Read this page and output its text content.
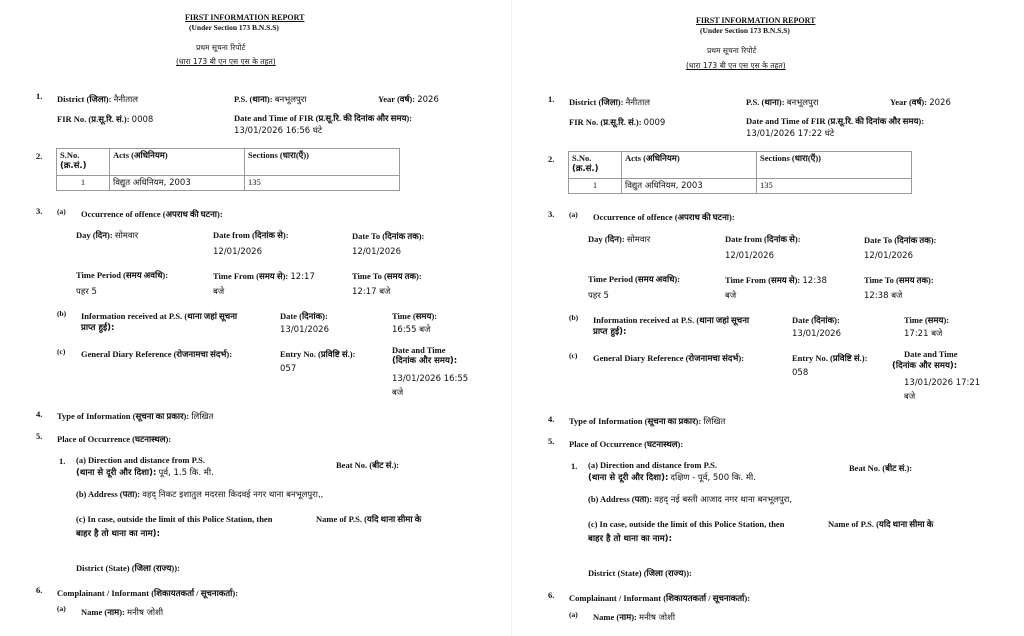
FIRST INFORMATION REPORT
(Under Section 173 B.N.S.S)
प्रथम सूचना रिपोर्ट
(धारा 173 बी एन एस एस के तहत)
1. District (जिला): नैनीताल	P.S. (थाना): बनभूलपुरा	Year (वर्ष): 2026
FIR No. (प्र.सू.रि. सं.): 0008	Date and Time of FIR (प्र.सू.रि. की दिनांक और समय):
13/01/2026 16:56 घंटे
2. S.No.
(क्र.सं.)	Acts (अधिनियम)	Sections (धारा(एँ))
1	विद्युत अधिनियम, 2003	135
3. (a) Occurrence of offence (अपराध की घटना):
Day (दिन): सोमवार	Date from (दिनांक से):
12/01/2026
Date To (दिनांक तक):
12/01/2026
Time Period (समय अवधि):
पहर 5
Time From (समय से): 12:17
बजे
Time To (समय तक):
12:17 बजे
(b) Information received at P.S. (थाना जहां सूचना
प्राप्त हुई):
Date (दिनांक):
13/01/2026
Time (समय):
16:55 बजे
(c) General Diary Reference (रोजनामचा संदर्भ):	Entry No. (प्रविष्टि सं.):
057
Date and Time
(दिनांक और समय):
13/01/2026 16:55
बजे
4. Type of Information (सूचना का प्रकार): लिखित
5. Place of Occurrence (घटनास्थल):
1. (a) Direction and distance from P.S.
(थाना से दूरी और दिशा): पूर्व, 1.5 कि. मी.
Beat No. (बीट सं.):
(b) Address (पता): वहद् निकट इशातुल मदरसा किदवई नगर थाना बनभूलपुरा,,
(c) In case, outside the limit of this Police Station, then	Name of P.S. (यदि थाना सीमा के
बाहर है तो थाना का नाम):
District (State) (जिला (राज्य)):
6. Complainant / Informant (शिकायतकर्ता / सूचनाकर्ता):
(a) Name (नाम): मनीष जोशी
FIRST INFORMATION REPORT
(Under Section 173 B.N.S.S)
प्रथम सूचना रिपोर्ट
(धारा 173 बी एन एस एस के तहत)
1. District (जिला): नैनीताल	P.S. (थाना): बनभूलपुरा	Year (वर्ष): 2026
FIR No. (प्र.सू.रि. सं.): 0009	Date and Time of FIR (प्र.सू.रि. की दिनांक और समय):
13/01/2026 17:22 घंटे
2. S.No.
(क्र.सं.)	Acts (अधिनियम)	Sections (धारा(एँ))
1	विद्युत अधिनियम, 2003	135
3. (a) Occurrence of offence (अपराध की घटना):
Day (दिन): सोमवार	Date from (दिनांक से):
12/01/2026
Date To (दिनांक तक):
12/01/2026
Time Period (समय अवधि):
पहर 5
Time From (समय से): 12:38
बजे
Time To (समय तक):
12:38 बजे
(b) Information received at P.S. (थाना जहां सूचना
प्राप्त हुई):
Date (दिनांक):
13/01/2026
Time (समय):
17:21 बजे
(c) General Diary Reference (रोजनामचा संदर्भ):	Entry No. (प्रविष्टि सं.):
058
Date and Time
(दिनांक और समय):
13/01/2026 17:21
बजे
4. Type of Information (सूचना का प्रकार): लिखित
5. Place of Occurrence (घटनास्थल):
1. (a) Direction and distance from P.S.
(थाना से दूरी और दिशा): दक्षिण - पूर्व, 500 कि. मी.
Beat No. (बीट सं.):
(b) Address (पता): वहद् नई बस्ती आजाद नगर थाना बनभूलपुरा,
(c) In case, outside the limit of this Police Station, then	Name of P.S. (यदि थाना सीमा के
बाहर है तो थाना का नाम):
District (State) (जिला (राज्य)):
6. Complainant / Informant (शिकायतकर्ता / सूचनाकर्ता):
(a) Name (नाम): मनीष जोशी
